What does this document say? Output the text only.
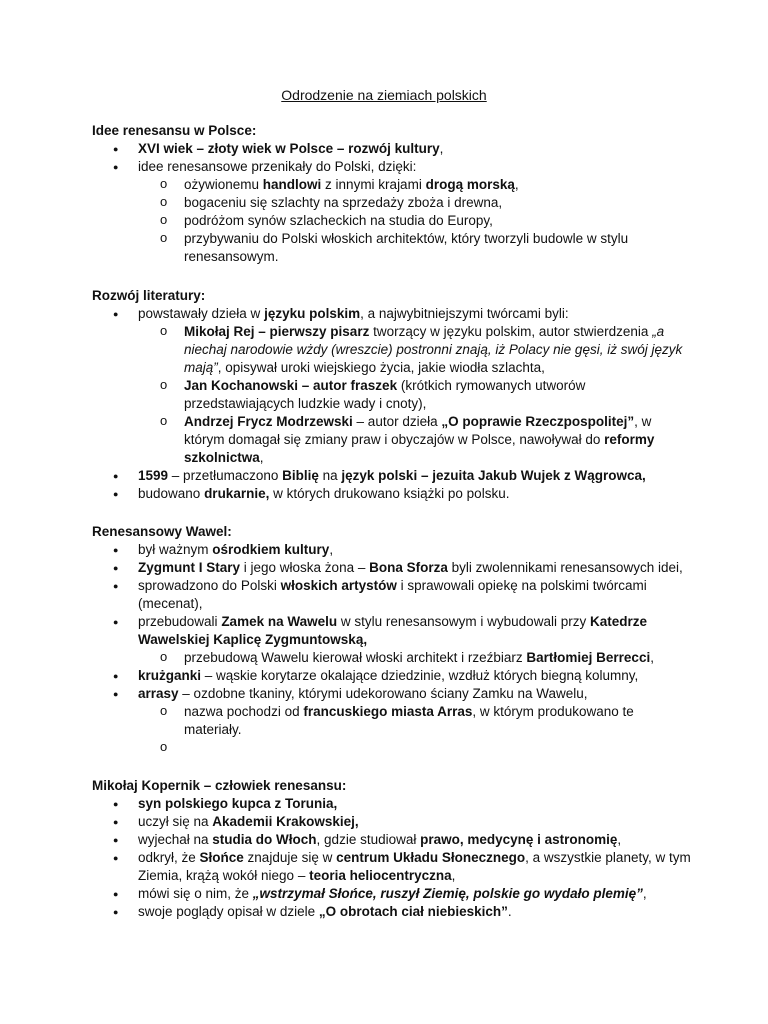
Odrodzenie na ziemiach polskich
Idee renesansu w Polsce:
● XVI wiek – złoty wiek w Polsce – rozwój kultury,
● idee renesansowe przenikały do Polski, dzięki:
o ożywionemu handlowi z innymi krajami drogą morską,
o bogaceniu się szlachty na sprzedaży zboża i drewna,
o podróżom synów szlacheckich na studia do Europy,
o przybywaniu do Polski włoskich architektów, który tworzyli budowle w stylu renesansowym.
Rozwój literatury:
● powstawały dzieła w języku polskim, a najwybitniejszymi twórcami byli:
o Mikołaj Rej – pierwszy pisarz tworzący w języku polskim, autor stwierdzenia „a niechaj narodowie wżdy (wreszcie) postronni znają, iż Polacy nie gęsi, iż swój język mają”, opisywał uroki wiejskiego życia, jakie wiodła szlachta,
o Jan Kochanowski – autor fraszek (krótkich rymowanych utworów przedstawiających ludzkie wady i cnoty),
o Andrzej Frycz Modrzewski – autor dzieła „O poprawie Rzeczpospolitej”, w którym domagał się zmiany praw i obyczajów w Polsce, nawoływał do reformy szkolnictwa,
● 1599 – przetłumaczono Biblię na język polski – jezuita Jakub Wujek z Wągrowca,
● budowano drukarnie, w których drukowano książki po polsku.
Renesansowy Wawel:
● był ważnym ośrodkiem kultury,
● Zygmunt I Stary i jego włoska żona – Bona Sforza byli zwolennikami renesansowych idei,
● sprowadzono do Polski włoskich artystów i sprawowali opiekę na polskimi twórcami (mecenat),
● przebudowali Zamek na Wawelu w stylu renesansowym i wybudowali przy Katedrze Wawelskiej Kaplicę Zygmuntowską,
o przebudową Wawelu kierował włoski architekt i rzeźbiarz Bartłomiej Berrecci,
● krużganki – wąskie korytarze okalające dziedzinie, wzdłuż których biegną kolumny,
● arrasy – ozdobne tkaniny, którymi udekorowano ściany Zamku na Wawelu,
o nazwa pochodzi od francuskiego miasta Arras, w którym produkowano te materiały.
o
Mikołaj Kopernik – człowiek renesansu:
● syn polskiego kupca z Torunia,
● uczył się na Akademii Krakowskiej,
● wyjechał na studia do Włoch, gdzie studiował prawo, medycynę i astronomię,
● odkrył, że Słońce znajduje się w centrum Układu Słonecznego, a wszystkie planety, w tym Ziemia, krążą wokół niego – teoria heliocentryczna,
● mówi się o nim, że „wstrzymał Słońce, ruszył Ziemię, polskie go wydało plemię”,
● swoje poglądy opisał w dziele „O obrotach ciał niebieskich”.
